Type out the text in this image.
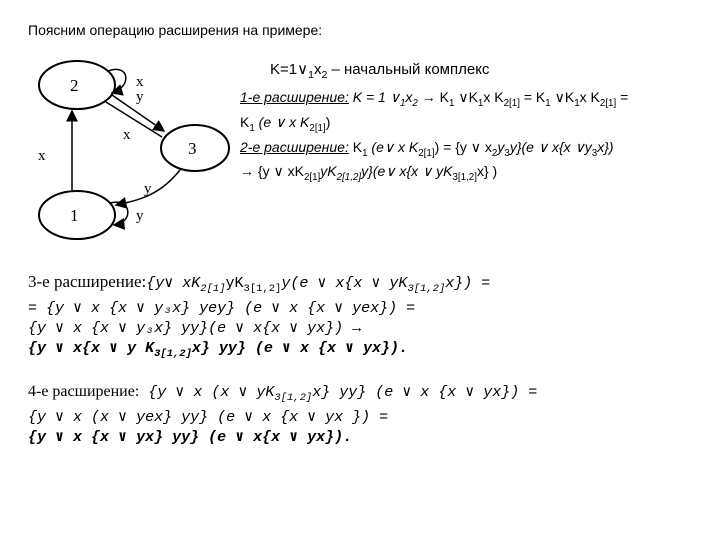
Поясним операцию расширения на примере:
2
3
1
x
y
x
x
y
y
$K=1\vee_1x_2$ – начальный комплекс
1-е расширение: K = 1 $\vee_1x_2 \to K_1$ $\vee K_1x$ $K_{2[1]} = K_1$ $\vee K_1x$ $K_{2[1]}$ =
$K_1$ (e ∨ x $K_{2[1]}$)
2-е расширение: $K_1$ (e∨ x $K_{2[1]}) = \{y$ ∨ $x_2y_3y\}(e$ ∨ x{x $\vee y_3x$})
→ {y ∨ $xK_{2[1]}yK_{2[1,2]}y\}(e\vee$ x{x ∨ $yK_{3[1,2]}x$} )
3-е расширение:{y∨ $xK_{2[1]}yK_{3[1,2]}y(e$ ∨ x{x ∨ $yK_{3[1,2]}x$}) =
= {y ∨ x {x ∨ y₃x} yey} (e ∨ x {x ∨ yex}) =
{y ∨ x {x ∨ y₃x} yy}(e ∨ x{x ∨ yx}) →
{y ∨ x{x ∨ y $K_{3[1,2]}x$} yy} (e ∨ x {x ∨ yx}).
4-е расширение: {y ∨ x (x ∨ $yK_{3[1,2]}x$} yy} (e ∨ x {x ∨ yx}) =
{y ∨ x (x ∨ yex} yy} (e ∨ x {x ∨ yx }) =
{y ∨ x {x ∨ yx} yy} (e ∨ x{x ∨ yx}).
